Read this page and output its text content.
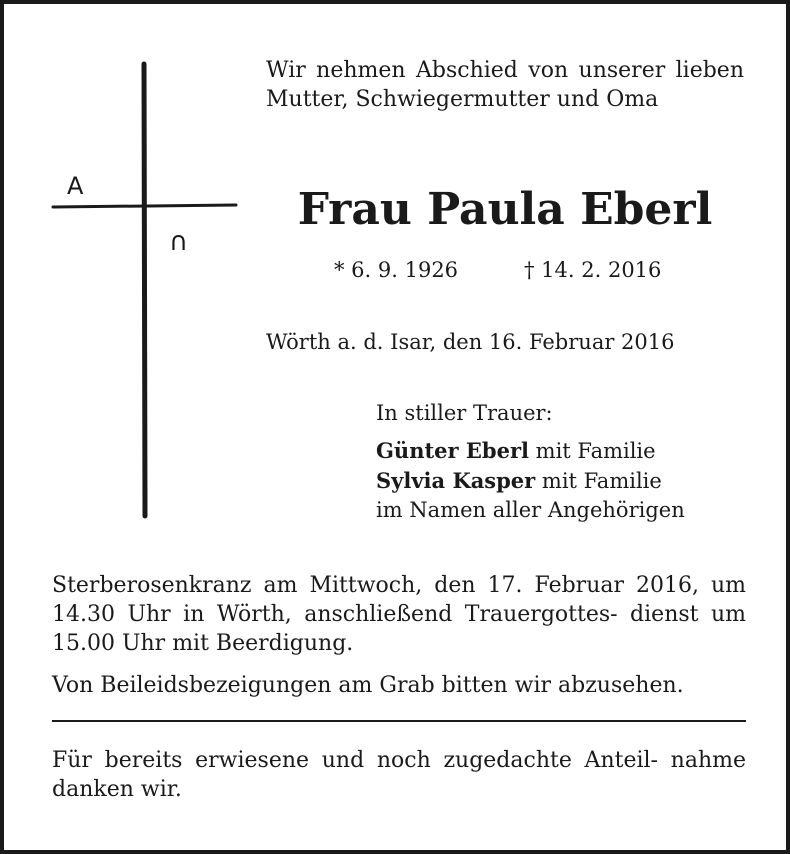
A
∩
Wir nehmen Abschied von unserer lieben Mutter, Schwiegermutter und Oma
Frau Paula Eberl
* 6. 9. 1926	† 14. 2. 2016
Wörth a. d. Isar, den 16. Februar 2016
In stiller Trauer:
Günter Eberl mit Familie
Sylvia Kasper mit Familie
im Namen aller Angehörigen
Sterberosenkranz am Mittwoch, den 17. Februar 2016, um 14.30 Uhr in Wörth, anschließend Trauergottes- dienst um 15.00 Uhr mit Beerdigung.
Von Beileidsbezeigungen am Grab bitten wir abzusehen.
Für bereits erwiesene und noch zugedachte Anteil- nahme danken wir.
